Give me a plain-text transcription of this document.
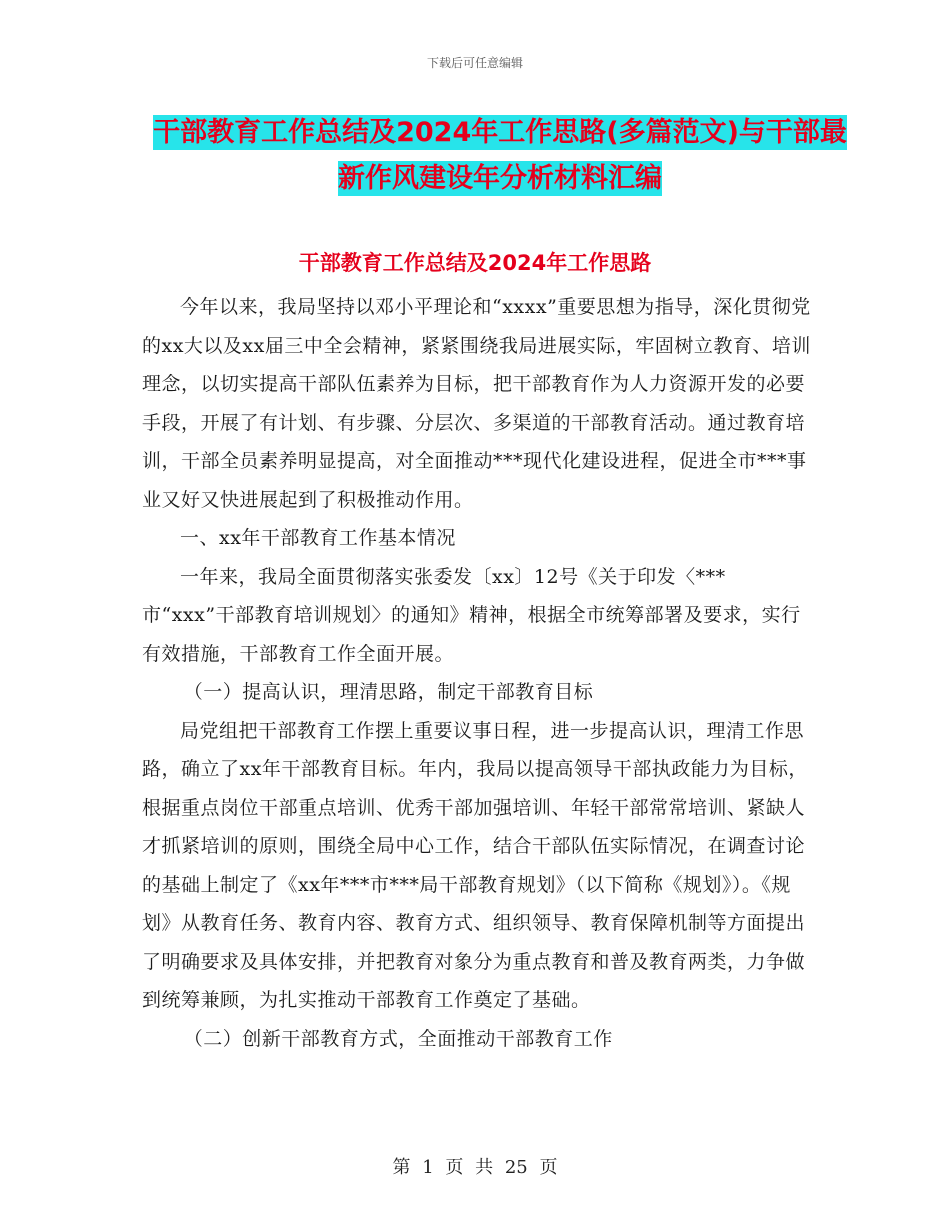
下载后可任意编辑
干部教育工作总结及2024年工作思路(多篇范文)与干部最新作风建设年分析材料汇编
干部教育工作总结及2024年工作思路

今年以来，我局坚持以邓小平理论和“xxxx”重要思想为指导，深化贯彻党的xx大以及xx届三中全会精神，紧紧围绕我局进展实际，牢固树立教育、培训理念，以切实提高干部队伍素养为目标，把干部教育作为人力资源开发的必要手段，开展了有计划、有步骤、分层次、多渠道的干部教育活动。通过教育培训，干部全员素养明显提高，对全面推动***现代化建设进程，促进全市***事业又好又快进展起到了积极推动作用。

一、xx年干部教育工作基本情况

一年来，我局全面贯彻落实张委发〔xx〕12号《关于印发〈***市“xxx”干部教育培训规划〉的通知》精神，根据全市统筹部署及要求，实行有效措施，干部教育工作全面开展。

（一）提高认识，理清思路，制定干部教育目标

局党组把干部教育工作摆上重要议事日程，进一步提高认识，理清工作思路，确立了xx年干部教育目标。年内，我局以提高领导干部执政能力为目标，根据重点岗位干部重点培训、优秀干部加强培训、年轻干部常常培训、紧缺人才抓紧培训的原则，围绕全局中心工作，结合干部队伍实际情况，在调查讨论的基础上制定了《xx年***市***局干部教育规划》（以下简称《规划》）。《规划》从教育任务、教育内容、教育方式、组织领导、教育保障机制等方面提出了明确要求及具体安排，并把教育对象分为重点教育和普及教育两类，力争做到统筹兼顾，为扎实推动干部教育工作奠定了基础。

（二）创新干部教育方式，全面推动干部教育工作

第 1 页 共 25 页
